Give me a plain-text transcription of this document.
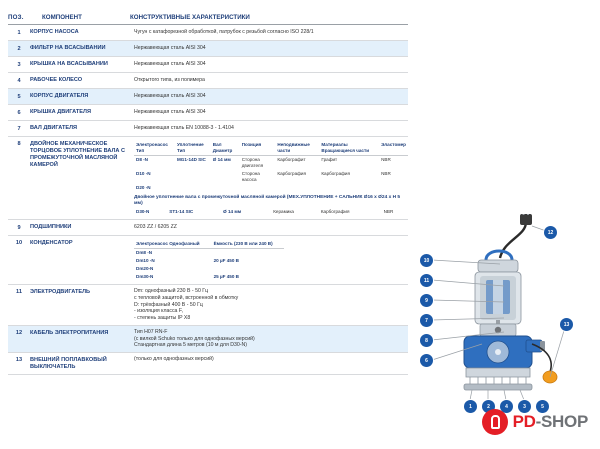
ПОЗ.	КОМПОНЕНТ	КОНСТРУКТИВНЫЕ ХАРАКТЕРИСТИКИ
1	КОРПУС НАСОСА	Чугун с катафорезной обработкой, патрубок с резьбой согласно ISO 228/1
2	ФИЛЬТР НА ВСАСЫВАНИИ	Нержавеющая сталь AISI 304
3	КРЫШКА НА ВСАСЫВАНИИ	Нержавеющая сталь AISI 304
4	РАБОЧЕЕ КОЛЕСО	Открытого типа, из полимера
5	КОРПУС ДВИГАТЕЛЯ	Нержавеющая сталь AISI 304
6	КРЫШКА ДВИГАТЕЛЯ	Нержавеющая сталь AISI 304
7	ВАЛ ДВИГАТЕЛЯ	Нержавеющая сталь EN 10088-3 - 1.4104
8	ДВОЙНОЕ МЕХАНИЧЕСКОЕ ТОРЦОВОЕ УПЛОТНЕНИЕ ВАЛА С ПРОМЕЖУТОЧНОЙ МАСЛЯНОЙ КАМЕРОЙ
Электронасос Тип	Уплотнение Тип	Вал Диаметр	Позиция	Неподвижные части	Материалы Вращающиеся части	Эластомер
D8 -N	MG1-14D SIC	Ø 14 мм	Сторона двигателя	Карбографит	Графит	NBR
D10 -N			Сторона насоса	Карбография	Карбография	NBR
D20 -N						
Двойное уплотнение вала с промежуточной масляной камерой (МЕХ.УПЛОТНЕНИЕ + САЛЬНИК Ø16 х Ø24 х Н 5 мм)
D30-N	ST1-14 SIC	Ø 14 мм		Керамика	Карбография	NBR
9	ПОДШИПНИКИ	6203 ZZ / 6205 ZZ
10	КОНДЕНСАТОР	Электронасос Однофазный	Ёмкость (230 В или 240 В)
Dm8 -N	
Dm10 -N	20 µF 450 B
Dm20-N	
Dm30-N	25 µF 450 B
11	ЭЛЕКТРОДВИГАТЕЛЬ	Dm: однофазный 230 В - 50 Гц
с тепловой защитой, встроенной в обмотку
D: трёхфазный 400 В - 50 Гц
- изоляция класса F,
- степень защиты IP X8
12	КАБЕЛЬ ЭЛЕКТРОПИТАНИЯ	Тип H07 RN-F
(с вилкой Schuko только для однофазных версий)
Стандартная длина 5 метров (10 м для D30-N)
13	ВНЕШНИЙ ПОПЛАВКОВЫЙ ВЫКЛЮЧАТЕЛЬ
(только для однофазных версий)
12
10
11
9
7
8
6
13
1	2	4	3	5
PD-SHOP
